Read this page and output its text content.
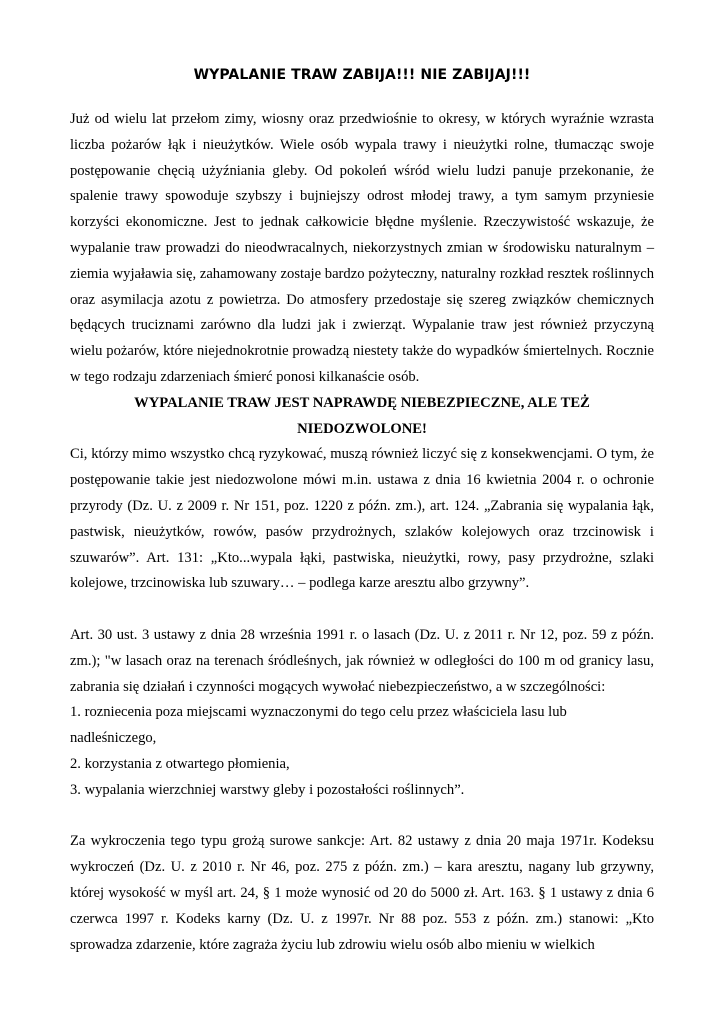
WYPALANIE TRAW ZABIJA!!! NIE ZABIJAJ!!!

Już od wielu lat przełom zimy, wiosny oraz przedwiośnie to okresy, w których wyraźnie wzrasta liczba pożarów łąk i nieużytków. Wiele osób wypala trawy i nieużytki rolne, tłumacząc swoje postępowanie chęcią użyźniania gleby. Od pokoleń wśród wielu ludzi panuje przekonanie, że spalenie trawy spowoduje szybszy i bujniejszy odrost młodej trawy, a tym samym przyniesie korzyści ekonomiczne. Jest to jednak całkowicie błędne myślenie. Rzeczywistość wskazuje, że wypalanie traw prowadzi do nieodwracalnych, niekorzystnych zmian w środowisku naturalnym – ziemia wyjaławia się, zahamowany zostaje bardzo pożyteczny, naturalny rozkład resztek roślinnych oraz asymilacja azotu z powietrza. Do atmosfery przedostaje się szereg związków chemicznych będących truciznami zarówno dla ludzi jak i zwierząt. Wypalanie traw jest również przyczyną wielu pożarów, które niejednokrotnie prowadzą niestety także do wypadków śmiertelnych. Rocznie w tego rodzaju zdarzeniach śmierć ponosi kilkanaście osób.

WYPALANIE TRAW JEST NAPRAWDĘ NIEBEZPIECZNE, ALE TEŻ NIEDOZWOLONE!

Ci, którzy mimo wszystko chcą ryzykować, muszą również liczyć się z konsekwencjami. O tym, że postępowanie takie jest niedozwolone mówi m.in. ustawa z dnia 16 kwietnia 2004 r. o ochronie przyrody (Dz. U. z 2009 r. Nr 151, poz. 1220 z późn. zm.), art. 124. „Zabrania się wypalania łąk, pastwisk, nieużytków, rowów, pasów przydrożnych, szlaków kolejowych oraz trzcinowisk i szuwarów”. Art. 131: „Kto...wypala łąki, pastwiska, nieużytki, rowy, pasy przydrożne, szlaki kolejowe, trzcinowiska lub szuwary… – podlega karze aresztu albo grzywny”.

Art. 30 ust. 3 ustawy z dnia 28 września 1991 r. o lasach (Dz. U. z 2011 r. Nr 12, poz. 59 z późn. zm.); "w lasach oraz na terenach śródleśnych, jak również w odległości do 100 m od granicy lasu, zabrania się działań i czynności mogących wywołać niebezpieczeństwo, a w szczególności:

1. rozniecenia poza miejscami wyznaczonymi do tego celu przez właściciela lasu lub nadleśniczego,

2. korzystania z otwartego płomienia,

3. wypalania wierzchniej warstwy gleby i pozostałości roślinnych”.

Za wykroczenia tego typu grożą surowe sankcje: Art. 82 ustawy z dnia 20 maja 1971r. Kodeksu wykroczeń (Dz. U. z 2010 r. Nr 46, poz. 275 z późn. zm.) – kara aresztu, nagany lub grzywny, której wysokość w myśl art. 24, § 1 może wynosić od 20 do 5000 zł. Art. 163. § 1 ustawy z dnia 6 czerwca 1997 r. Kodeks karny (Dz. U. z 1997r. Nr 88 poz. 553 z późn. zm.) stanowi: „Kto sprowadza zdarzenie, które zagraża życiu lub zdrowiu wielu osób albo mieniu w wielkich
